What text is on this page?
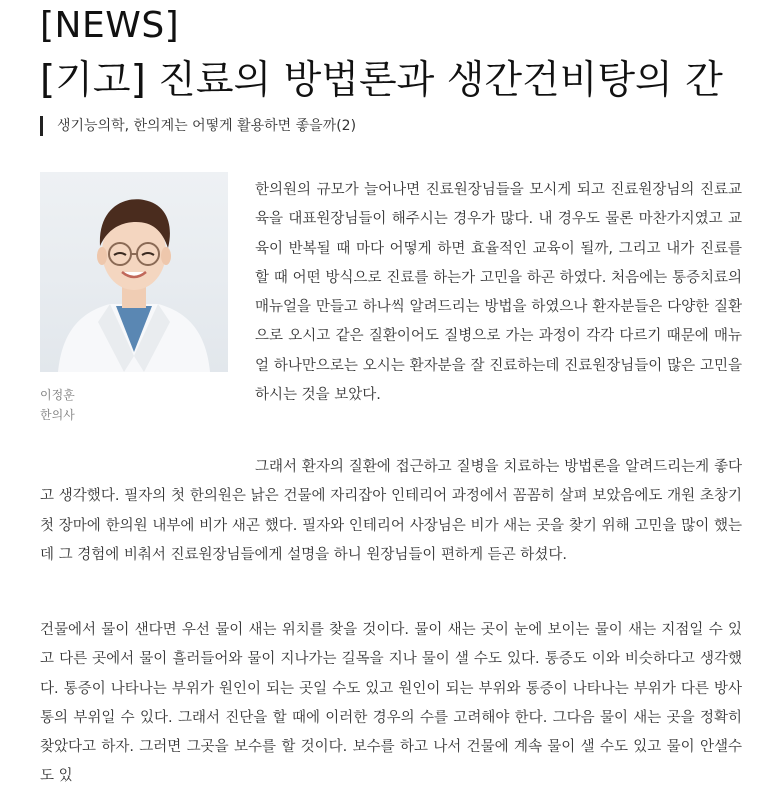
[NEWS]
[기고] 진료의 방법론과 생간건비탕의 간
생기능의학, 한의계는 어떻게 활용하면 좋을까(2)
이정훈
한의사

한의원의 규모가 늘어나면 진료원장님들을 모시게 되고 진료원장님의 진료교육을 대표원장님들이 해주시는 경우가 많다. 내 경우도 물론 마찬가지였고 교육이 반복될 때 마다 어떻게 하면 효율적인 교육이 될까, 그리고 내가 진료를 할 때 어떤 방식으로 진료를 하는가 고민을 하곤 하였다. 처음에는 통증치료의 매뉴얼을 만들고 하나씩 알려드리는 방법을 하였으나 환자분들은 다양한 질환으로 오시고 같은 질환이어도 질병으로 가는 과정이 각각 다르기 때문에 매뉴얼 하나만으로는 오시는 환자분을 잘 진료하는데 진료원장님들이 많은 고민을 하시는 것을 보았다.

그래서 환자의 질환에 접근하고 질병을 치료하는 방법론을 알려드리는게 좋다고 생각했다. 필자의 첫 한의원은 낡은 건물에 자리잡아 인테리어 과정에서 꼼꼼히 살펴 보았음에도 개원 초창기 첫 장마에 한의원 내부에 비가 새곤 했다. 필자와 인테리어 사장님은 비가 새는 곳을 찾기 위해 고민을 많이 했는데 그 경험에 비춰서 진료원장님들에게 설명을 하니 원장님들이 편하게 듣곤 하셨다.

건물에서 물이 샌다면 우선 물이 새는 위치를 찾을 것이다. 물이 새는 곳이 눈에 보이는 물이 새는 지점일 수 있고 다른 곳에서 물이 흘러들어와 물이 지나가는 길목을 지나 물이 샐 수도 있다. 통증도 이와 비슷하다고 생각했다. 통증이 나타나는 부위가 원인이 되는 곳일 수도 있고 원인이 되는 부위와 통증이 나타나는 부위가 다른 방사통의 부위일 수 있다. 그래서 진단을 할 때에 이러한 경우의 수를 고려해야 한다. 그다음 물이 새는 곳을 정확히 찾았다고 하자. 그러면 그곳을 보수를 할 것이다. 보수를 하고 나서 건물에 계속 물이 샐 수도 있고 물이 안샐수도 있
